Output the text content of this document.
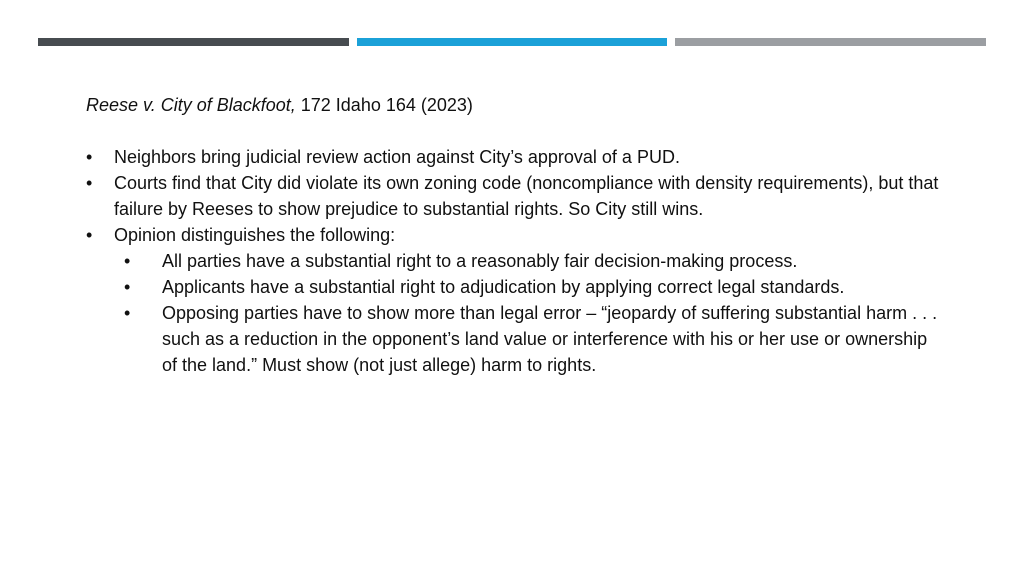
Reese v. City of Blackfoot, 172 Idaho 164 (2023)

• Neighbors bring judicial review action against City’s approval of a PUD.
• Courts find that City did violate its own zoning code (noncompliance with density requirements), but that failure by Reeses to show prejudice to substantial rights. So City still wins.
• Opinion distinguishes the following:
• All parties have a substantial right to a reasonably fair decision-making process.
• Applicants have a substantial right to adjudication by applying correct legal standards.
• Opposing parties have to show more than legal error – “jeopardy of suffering substantial harm . . . such as a reduction in the opponent’s land value or interference with his or her use or ownership of the land.” Must show (not just allege) harm to rights.
